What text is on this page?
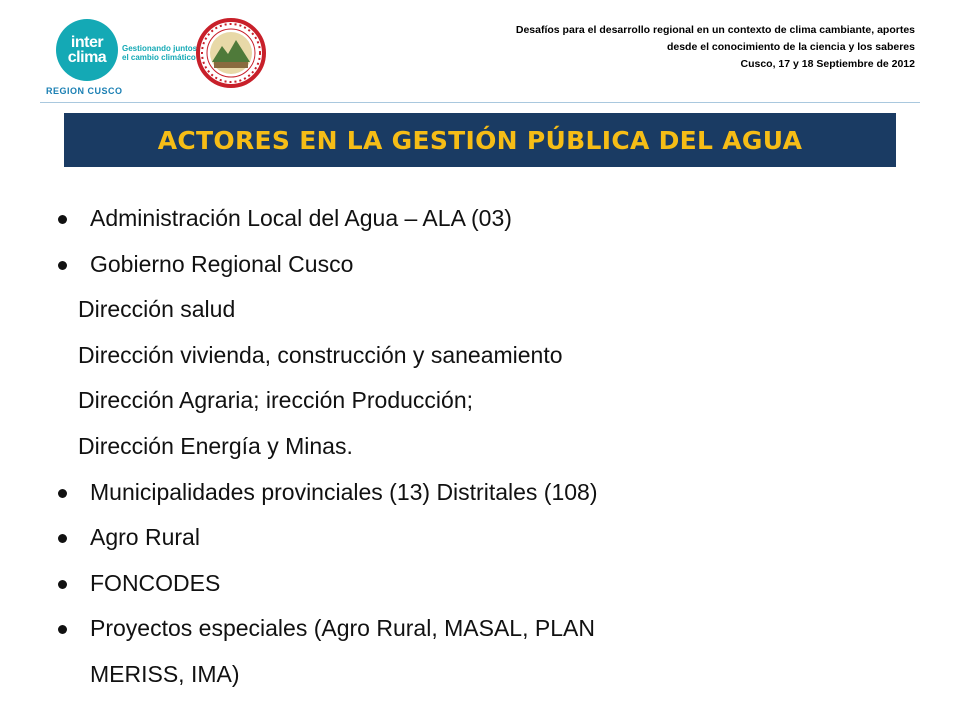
inter
clima
Gestionando juntos
el cambio climático
REGION CUSCO
Desafíos para el desarrollo regional en un contexto de clima cambiante, aportes
desde el conocimiento de la ciencia y los saberes
Cusco, 17 y 18 Septiembre de 2012
ACTORES EN LA GESTIÓN PÚBLICA DEL AGUA
Administración Local del Agua – ALA (03)
Gobierno Regional Cusco
Dirección salud
Dirección vivienda, construcción y saneamiento
Dirección Agraria; irección Producción;
Dirección Energía y Minas.
Municipalidades provinciales (13) Distritales (108)
Agro Rural
FONCODES
Proyectos especiales (Agro Rural, MASAL, PLAN
MERISS, IMA)
